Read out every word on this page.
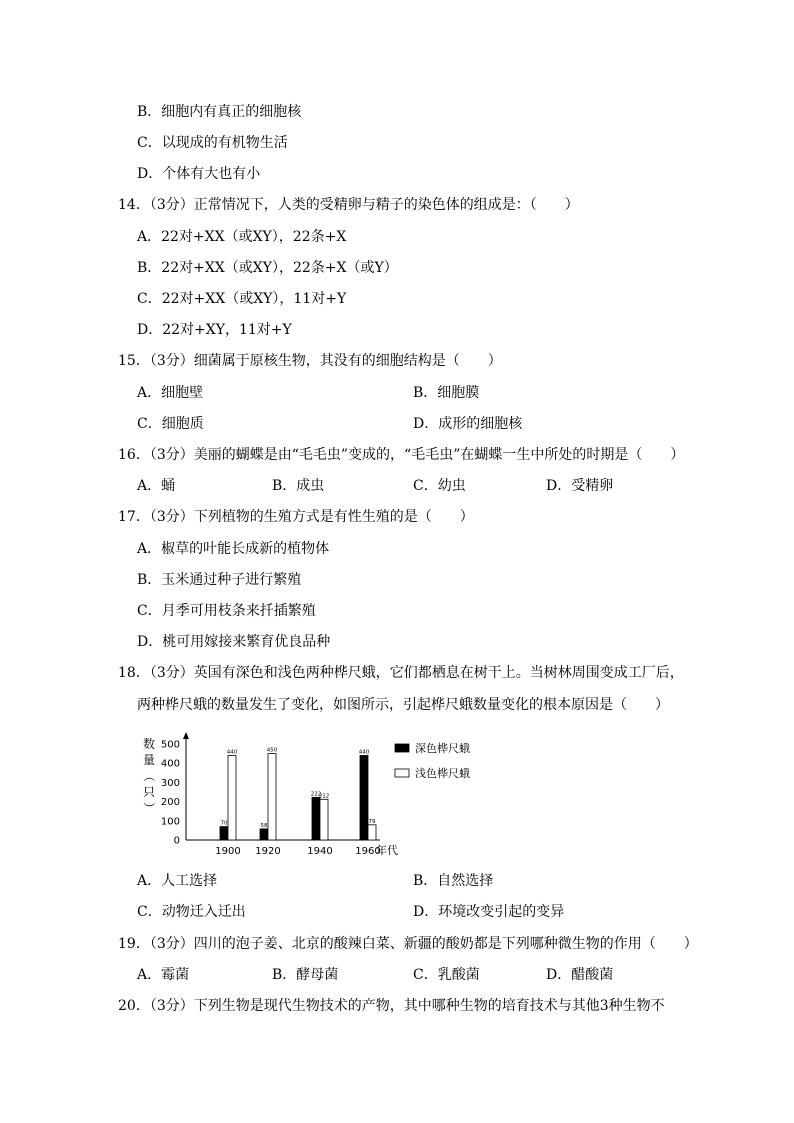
B．细胞内有真正的细胞核
C．以现成的有机物生活
D．个体有大也有小
14．（3分）正常情况下，人类的受精卵与精子的染色体的组成是：（　　）
A．22对+XX（或XY），22条+X
B．22对+XX（或XY），22条+X（或Y）
C．22对+XX（或XY），11对+Y
D．22对+XY，11对+Y
15．（3分）细菌属于原核生物，其没有的细胞结构是（　　）
A．细胞壁	B．细胞膜
C．细胞质	D．成形的细胞核
16．（3分）美丽的蝴蝶是由“毛毛虫”变成的，“毛毛虫”在蝴蝶一生中所处的时期是（　　）
A．蛹	B．成虫	C．幼虫	D．受精卵
17．（3分）下列植物的生殖方式是有性生殖的是（　　）
A．椒草的叶能长成新的植物体
B．玉米通过种子进行繁殖
C．月季可用枝条来扦插繁殖
D．桃可用嫁接来繁育优良品种
18．（3分）英国有深色和浅色两种桦尺蛾，它们都栖息在树干上。当树林周围变成工厂后，
两种桦尺蛾的数量发生了变化，如图所示，引起桦尺蛾数量变化的根本原因是（　　）
0
100
200
300
400
500
数
量
（
只
）
70
440
1900
58
450
1920
222
212
1940
440
79
1960
年代
深色桦尺蛾
浅色桦尺蛾
A．人工选择	B．自然选择
C．动物迁入迁出	D．环境改变引起的变异
19．（3分）四川的泡子姜、北京的酸辣白菜、新疆的酸奶都是下列哪种微生物的作用（　　）
A．霉菌	B．酵母菌	C．乳酸菌	D．醋酸菌
20．（3分）下列生物是现代生物技术的产物，其中哪种生物的培育技术与其他3种生物不
